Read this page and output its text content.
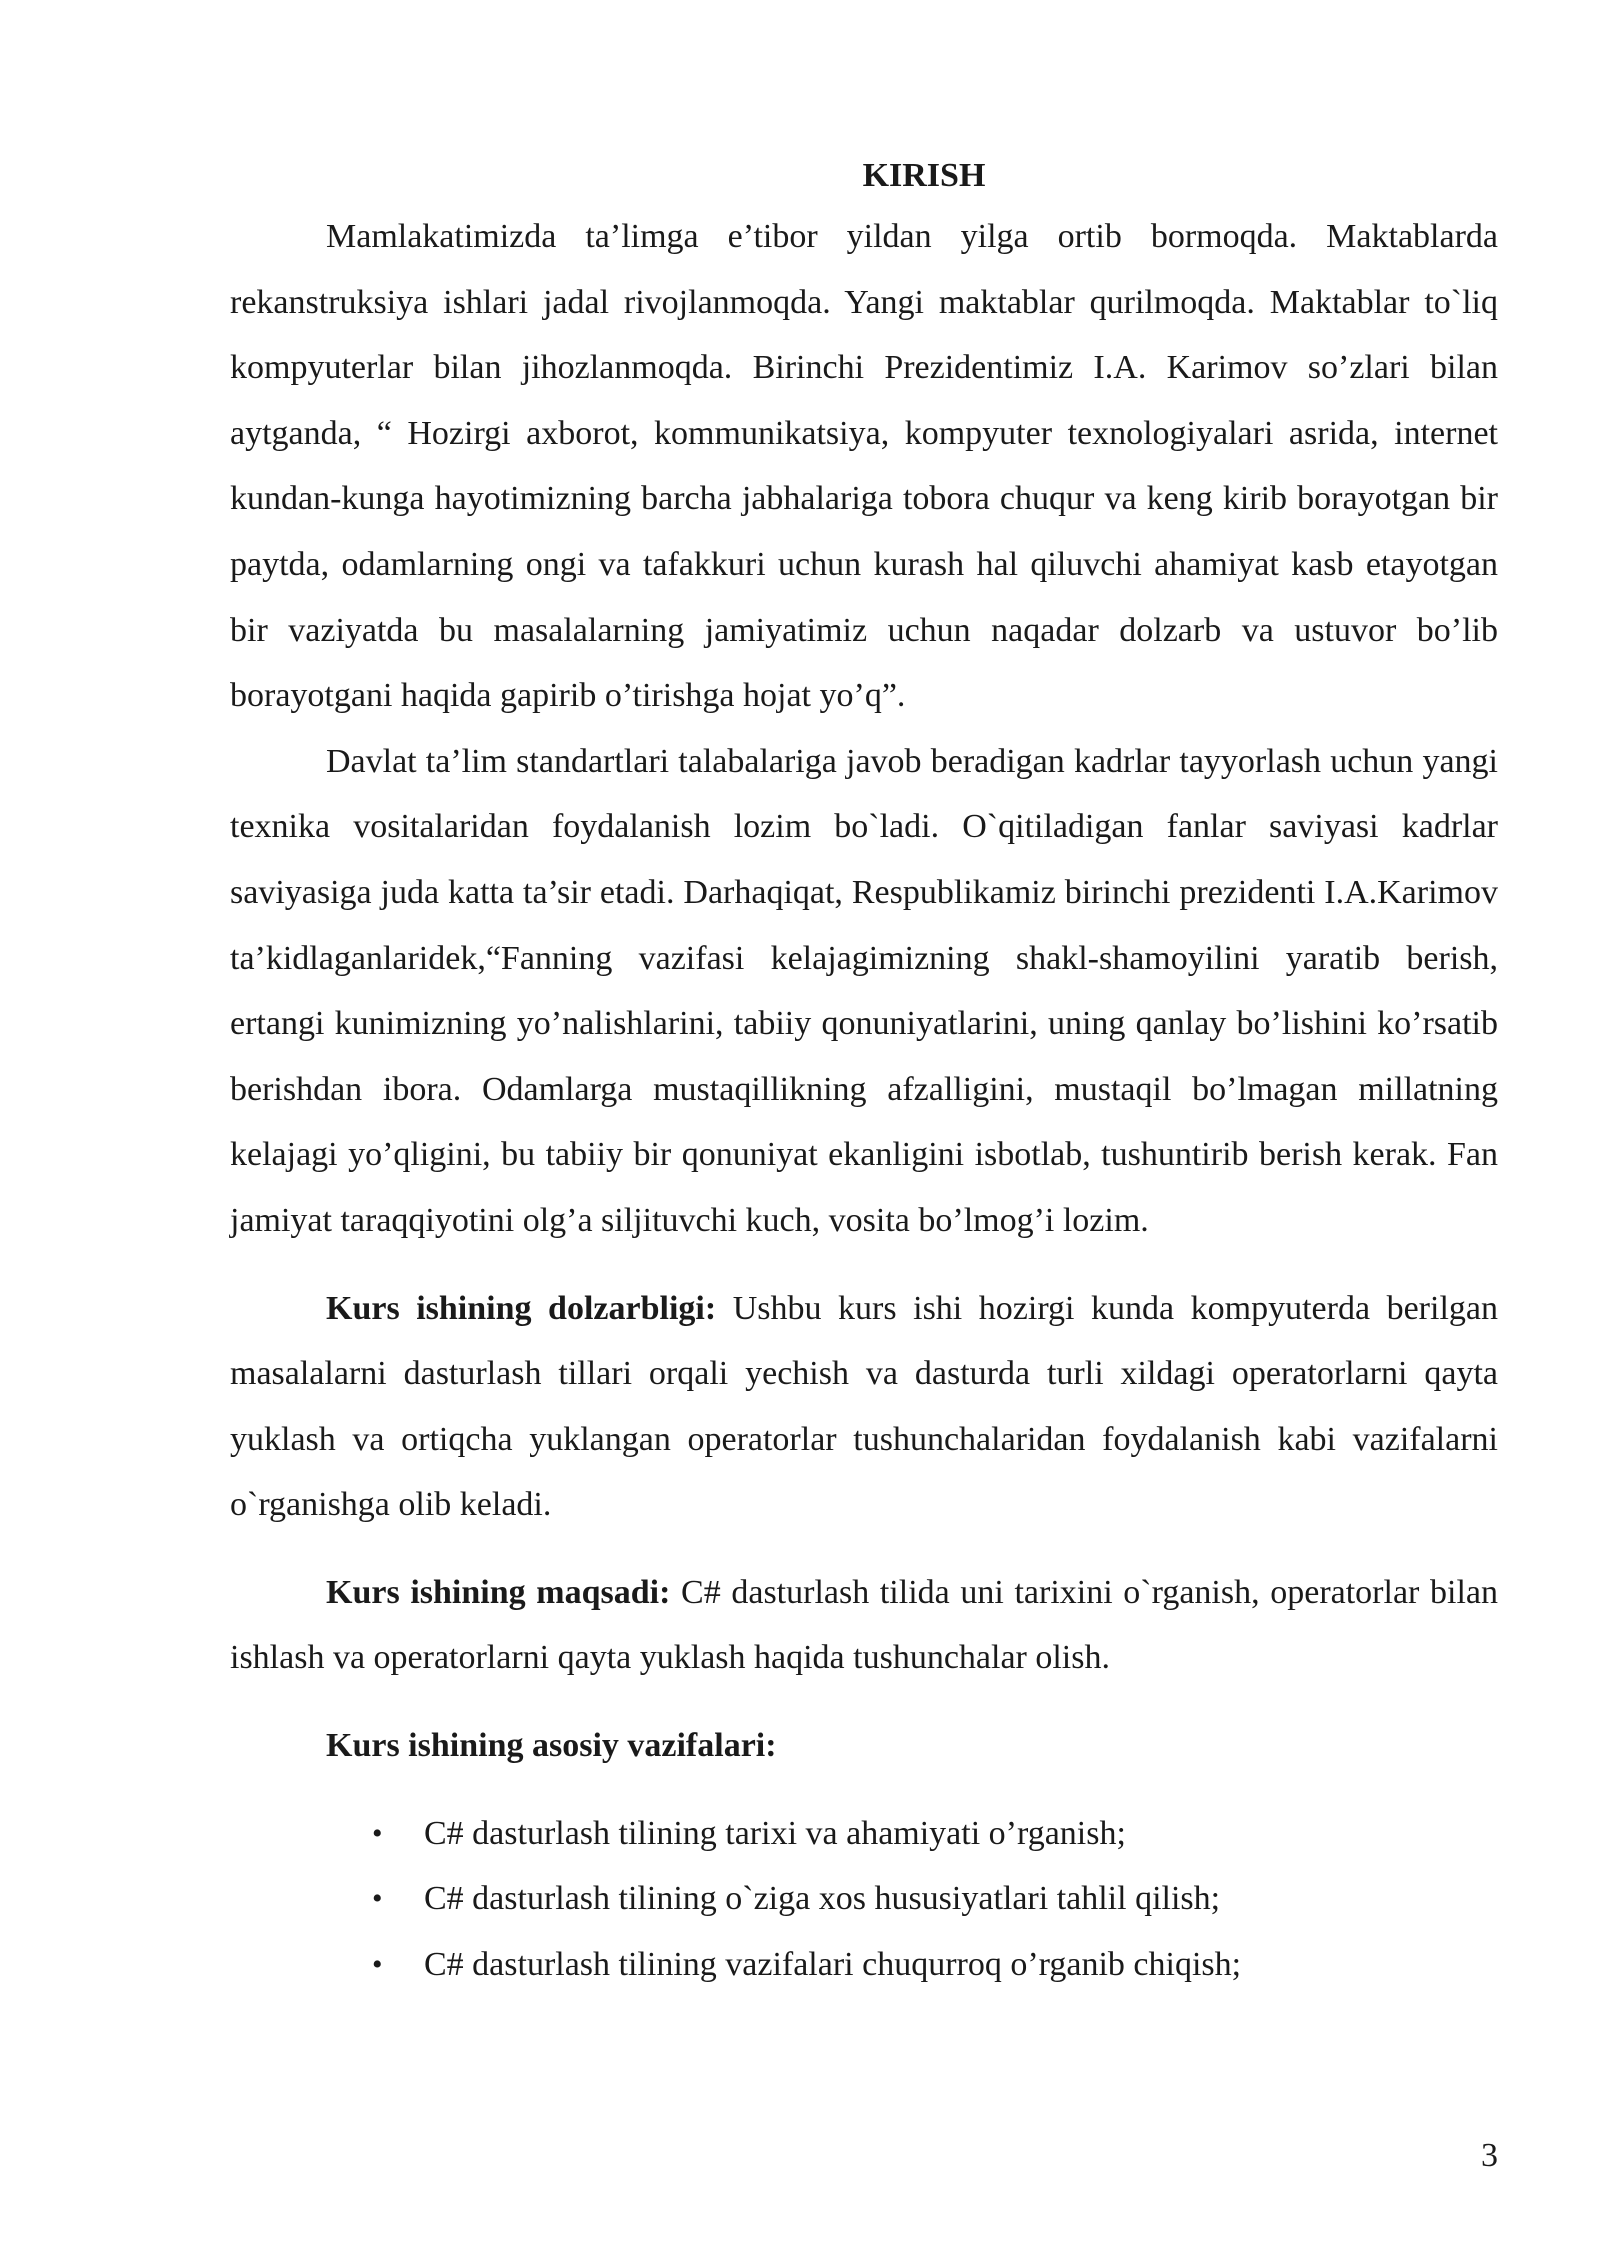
KIRISH

Mamlakatimizda ta’limga e’tibor yildan yilga ortib bormoqda. Maktablarda rekanstruksiya ishlari jadal rivojlanmoqda. Yangi maktablar qurilmoqda. Maktablar to`liq kompyuterlar bilan jihozlanmoqda. Birinchi Prezidentimiz I.A. Karimov so’zlari bilan aytganda, “ Hozirgi axborot, kommunikatsiya, kompyuter texnologiyalari asrida, internet kundan-kunga hayotimizning barcha jabhalariga tobora chuqur va keng kirib borayotgan bir paytda, odamlarning ongi va tafakkuri uchun kurash hal qiluvchi ahamiyat kasb etayotgan bir vaziyatda bu masalalarning jamiyatimiz uchun naqadar dolzarb va ustuvor bo’lib borayotgani haqida gapirib o’tirishga hojat yo’q”.

Davlat ta’lim standartlari talabalariga javob beradigan kadrlar tayyorlash uchun yangi texnika vositalaridan foydalanish lozim bo`ladi. O`qitiladigan fanlar saviyasi kadrlar saviyasiga juda katta ta’sir etadi. Darhaqiqat, Respublikamiz birinchi prezidenti I.A.Karimov ta’kidlaganlaridek,“Fanning vazifasi kelajagimizning shakl-shamoyilini yaratib berish, ertangi kunimizning yo’nalishlarini, tabiiy qonuniyatlarini, uning qanlay bo’lishini ko’rsatib berishdan ibora. Odamlarga mustaqillikning afzalligini, mustaqil bo’lmagan millatning kelajagi yo’qligini, bu tabiiy bir qonuniyat ekanligini isbotlab, tushuntirib berish kerak. Fan jamiyat taraqqiyotini olg’a siljituvchi kuch, vosita bo’lmog’i lozim.

Kurs ishining dolzarbligi: Ushbu kurs ishi hozirgi kunda kompyuterda berilgan masalalarni dasturlash tillari orqali yechish va dasturda turli xildagi operatorlarni qayta yuklash va ortiqcha yuklangan operatorlar tushunchalaridan foydalanish kabi vazifalarni o`rganishga olib keladi.

Kurs ishining maqsadi: C# dasturlash tilida uni tarixini o`rganish, operatorlar bilan ishlash va operatorlarni qayta yuklash haqida tushunchalar olish.

Kurs ishining asosiy vazifalari:
• C# dasturlash tilining tarixi va ahamiyati o’rganish;
• C# dasturlash tilining o`ziga xos hususiyatlari tahlil qilish;
• C# dasturlash tilining vazifalari chuqurroq o’rganib chiqish;
3
